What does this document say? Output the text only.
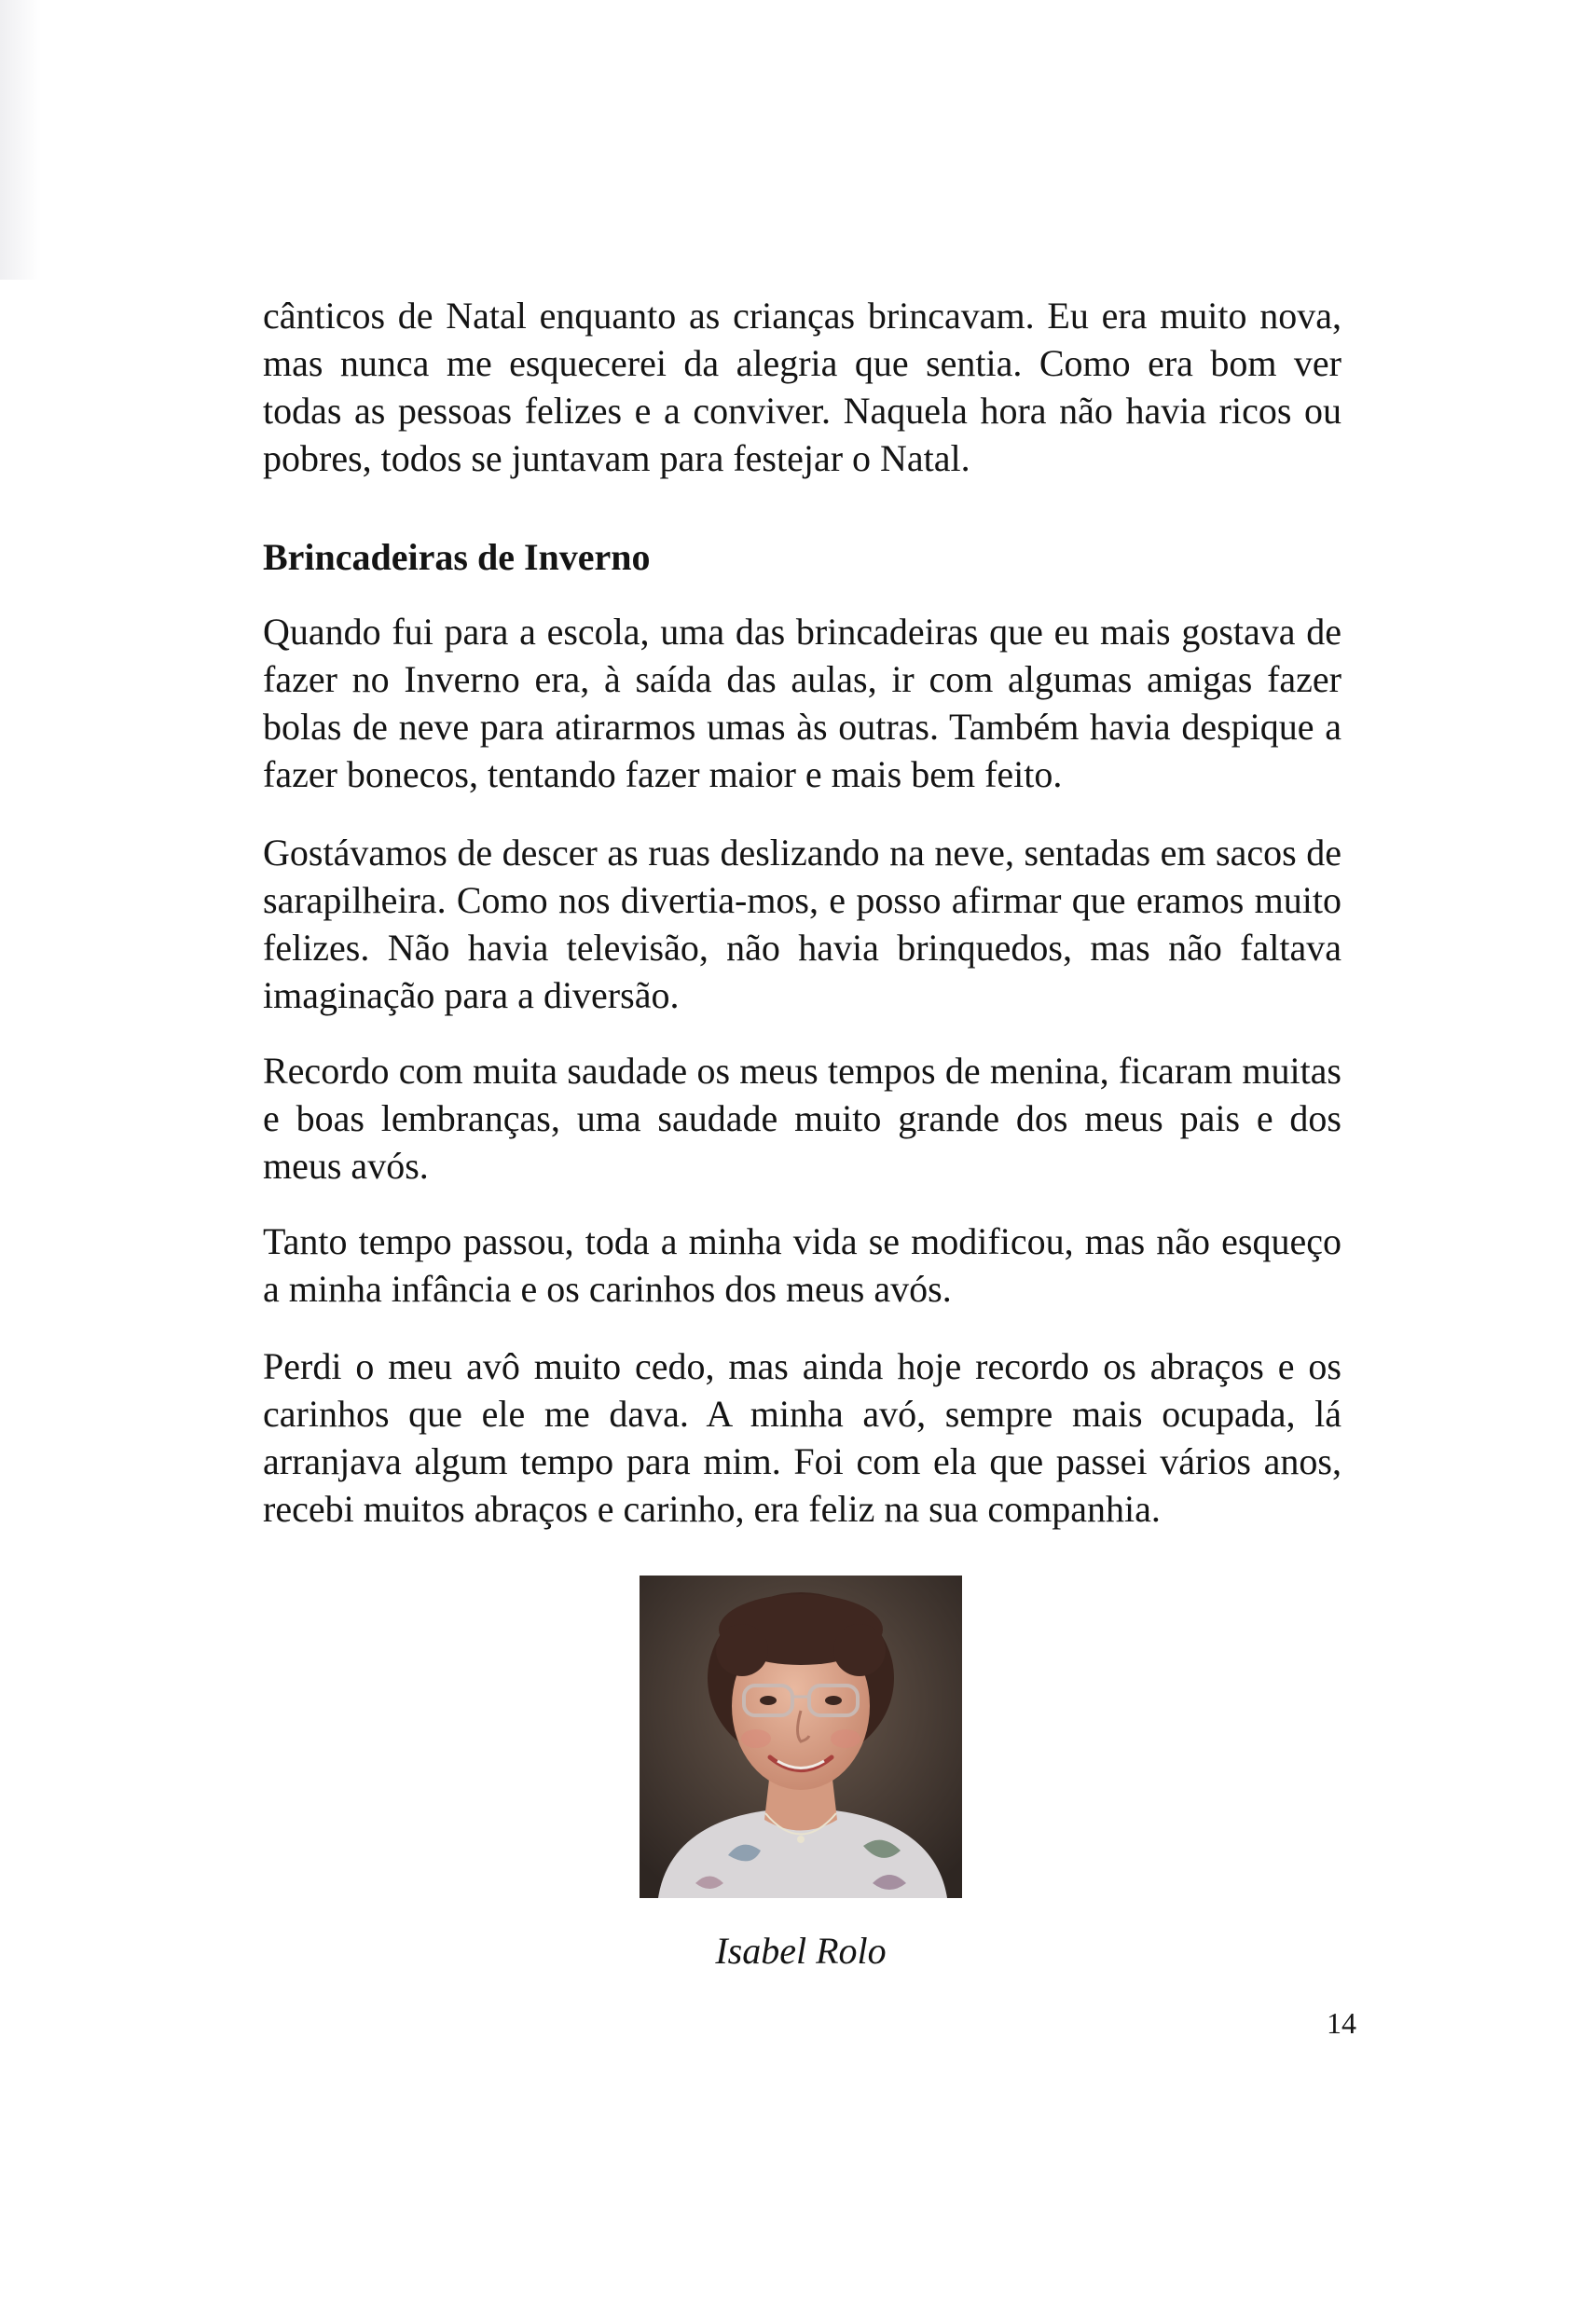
cânticos de Natal enquanto as crianças brincavam. Eu era muito nova, mas nunca me esquecerei da alegria que sentia. Como era bom ver todas as pessoas felizes e a conviver. Naquela hora não havia ricos ou pobres, todos se juntavam para festejar o Natal.

Brincadeiras de Inverno

Quando fui para a escola, uma das brincadeiras que eu mais gostava de fazer no Inverno era, à saída das aulas, ir com algumas amigas fazer bolas de neve para atirarmos umas às outras. Também havia despique a fazer bonecos, tentando fazer maior e mais bem feito.

Gostávamos de descer as ruas deslizando na neve, sentadas em sacos de sarapilheira. Como nos divertia-mos, e posso afirmar que eramos muito felizes. Não havia televisão, não havia brinquedos, mas não faltava imaginação para a diversão.

Recordo com muita saudade os meus tempos de menina, ficaram muitas e boas lembranças, uma saudade muito grande dos meus pais e dos meus avós.

Tanto tempo passou, toda a minha vida se modificou, mas não esqueço a minha infância e os carinhos dos meus avós.

Perdi o meu avô muito cedo, mas ainda hoje recordo os abraços e os carinhos que ele me dava. A minha avó, sempre mais ocupada, lá arranjava algum tempo para mim. Foi com ela que passei vários anos, recebi muitos abraços e carinho, era feliz na sua companhia.

Isabel Rolo

14
